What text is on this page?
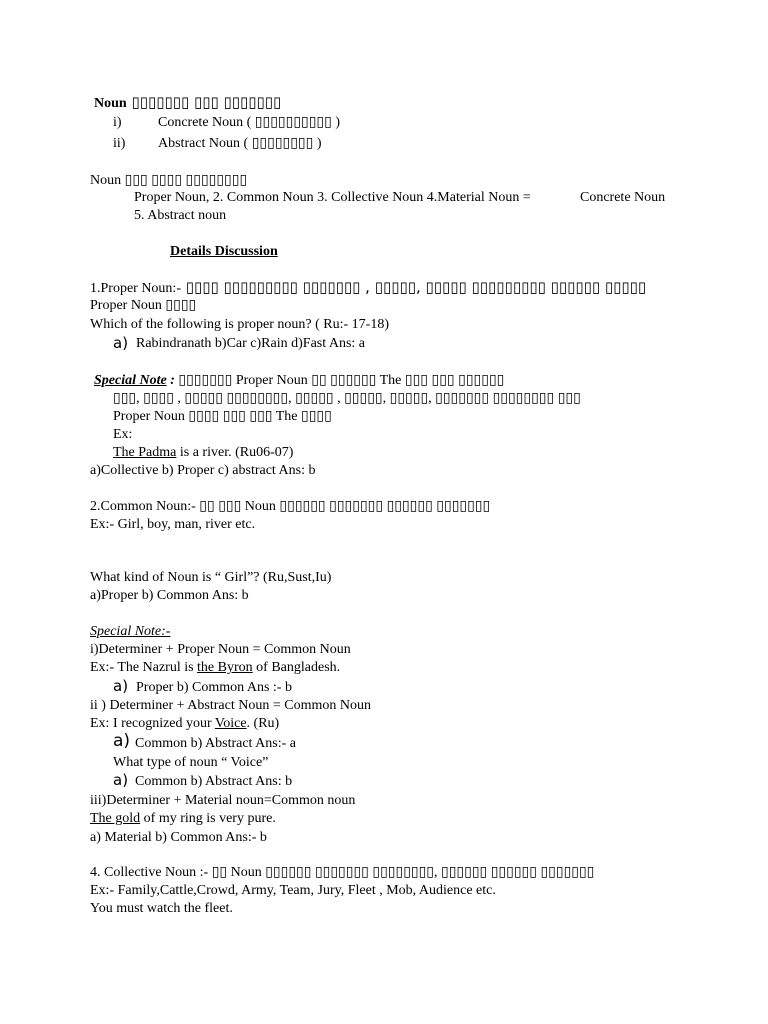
Noun ▯▯▯▯▯▯▯ ▯▯▯ ▯▯▯▯▯▯▯
i)	Concrete Noun ( ▯▯▯▯▯▯▯▯▯▯ )
ii) Abstract Noun ( ▯▯▯▯▯▯▯▯ )
Noun ▯▯▯ ▯▯▯▯ ▯▯▯▯▯▯▯▯
Proper Noun, 2. Common Noun 3. Collective Noun 4.Material Noun =	Concrete Noun
5. Abstract noun
Details Discussion
1.Proper Noun:- ▯▯▯▯ ▯▯▯▯▯▯▯▯▯ ▯▯▯▯▯▯▯ , ▯▯▯▯▯, ▯▯▯▯▯ ▯▯▯▯▯▯▯▯▯ ▯▯▯▯▯▯ ▯▯▯▯▯
Proper Noun ▯▯▯▯
Which of the following is proper noun? ( Ru:- 17-18)
a) Rabindranath b)Car c)Rain d)Fast Ans: a
Special Note : ▯▯▯▯▯▯▯ Proper Noun ▯▯ ▯▯▯▯▯▯ The ▯▯▯ ▯▯▯ ▯▯▯▯▯▯
▯▯▯, ▯▯▯▯ , ▯▯▯▯▯ ▯▯▯▯▯▯▯▯, ▯▯▯▯▯ , ▯▯▯▯▯, ▯▯▯▯▯, ▯▯▯▯▯▯▯ ▯▯▯▯▯▯▯▯ ▯▯▯
Proper Noun ▯▯▯▯ ▯▯▯ ▯▯▯ The ▯▯▯▯
Ex:
The Padma is a river. (Ru06-07)
a)Collective b) Proper c) abstract Ans: b
2.Common Noun:- ▯▯ ▯▯▯ Noun ▯▯▯▯▯▯ ▯▯▯▯▯▯▯ ▯▯▯▯▯▯ ▯▯▯▯▯▯▯
Ex:- Girl, boy, man, river etc.
What kind of Noun is “ Girl”? (Ru,Sust,Iu)
a)Proper b) Common Ans: b
Special Note:-
i)Determiner + Proper Noun = Common Noun
Ex:- The Nazrul is the Byron of Bangladesh.
a) Proper b) Common Ans :- b
ii ) Determiner + Abstract Noun = Common Noun
Ex: I recognized your Voice. (Ru)
a) Common b) Abstract Ans:- a
What type of noun “ Voice”
a) Common b) Abstract Ans: b
iii)Determiner + Material noun=Common noun
The gold of my ring is very pure.
a) Material b) Common Ans:- b
4. Collective Noun :- ▯▯ Noun ▯▯▯▯▯▯ ▯▯▯▯▯▯▯ ▯▯▯▯▯▯▯▯, ▯▯▯▯▯▯ ▯▯▯▯▯▯ ▯▯▯▯▯▯▯
Ex:- Family,Cattle,Crowd, Army, Team, Jury, Fleet , Mob, Audience etc.
You must watch the fleet.
